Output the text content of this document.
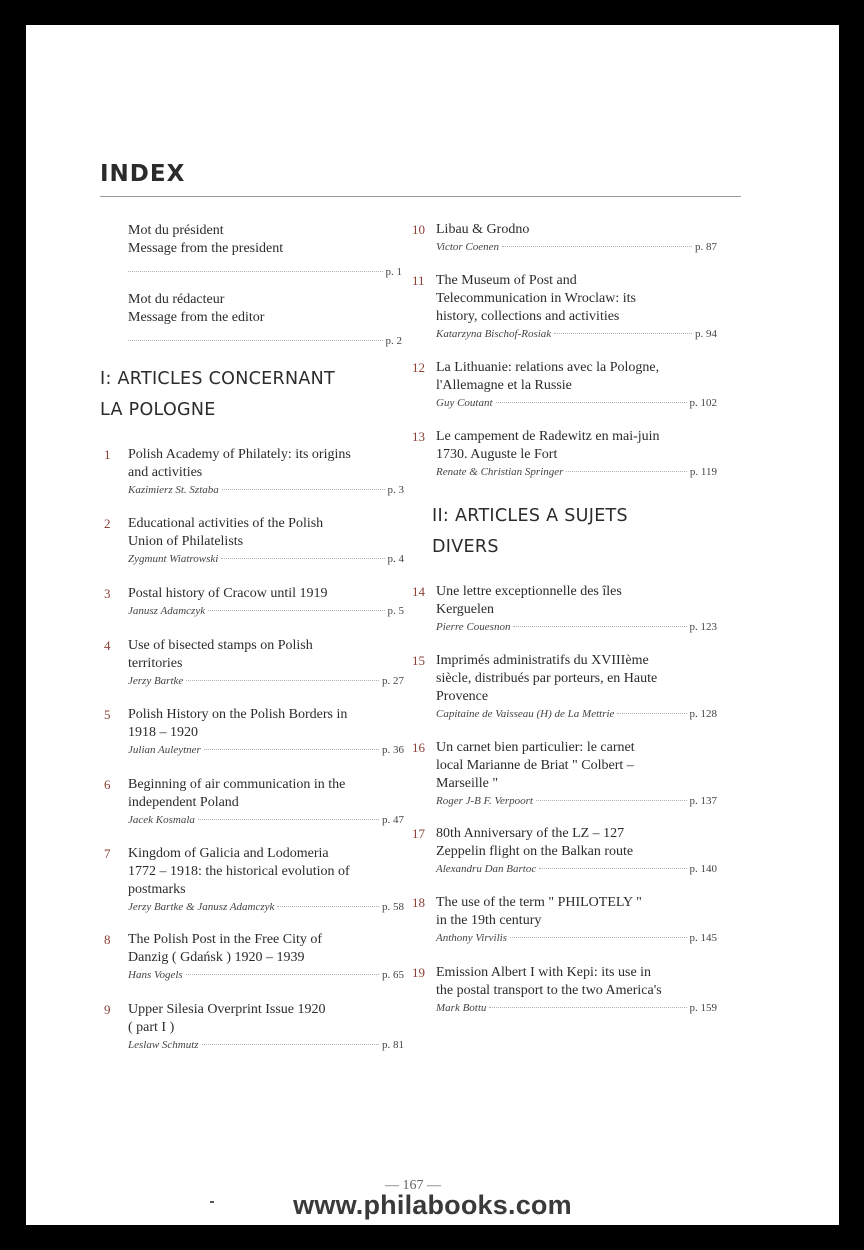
INDEX
Mot du président
Message from the president
p. 1
Mot du rédacteur
Message from the editor
p. 2
I: ARTICLES CONCERNANT
LA POLOGNE
1	Polish Academy of Philately: its origins
and activities
Kazimierz St. Sztaba	p. 3
2	Educational activities of the Polish
Union of Philatelists
Zygmunt Wiatrowski	p. 4
3	Postal history of Cracow until 1919
Janusz Adamczyk	p. 5
4	Use of bisected stamps on Polish
territories
Jerzy Bartke	p. 27
5	Polish History on the Polish Borders in
1918 – 1920
Julian Auleytner	p. 36
6	Beginning of air communication in the
independent Poland
Jacek Kosmala	p. 47
7	Kingdom of Galicia and Lodomeria
1772 – 1918: the historical evolution of
postmarks
Jerzy Bartke & Janusz Adamczyk	p. 58
8	The Polish Post in the Free City of
Danzig ( Gdańsk ) 1920 – 1939
Hans Vogels	p. 65
9	Upper Silesia Overprint Issue 1920
( part I )
Leslaw Schmutz	p. 81
10 Libau & Grodno
Victor Coenen	p. 87
11 The Museum of Post and
Telecommunication in Wroclaw: its
history, collections and activities
Katarzyna Bischof-Rosiak	p. 94
12 La Lithuanie: relations avec la Pologne,
l'Allemagne et la Russie
Guy Coutant	p. 102
13 Le campement de Radewitz en mai-juin
1730. Auguste le Fort
Renate & Christian Springer	p. 119
II: ARTICLES A SUJETS
DIVERS
14 Une lettre exceptionnelle des îles
Kerguelen
Pierre Couesnon	p. 123
15 Imprimés administratifs du XVIIIème
siècle, distribués par porteurs, en Haute
Provence
Capitaine de Vaisseau (H) de La Mettrie	p. 128
16 Un carnet bien particulier: le carnet
local Marianne de Briat " Colbert –
Marseille "
Roger J-B F. Verpoort	p. 137
17 80th Anniversary of the LZ – 127
Zeppelin flight on the Balkan route
Alexandru Dan Bartoc	p. 140
18 The use of the term " PHILOTELY "
in the 19th century
Anthony Virvilis	p. 145
19 Emission Albert I with Kepi: its use in
the postal transport to the two America's
Mark Bottu	p. 159
— 167 —
www.philabooks.com
